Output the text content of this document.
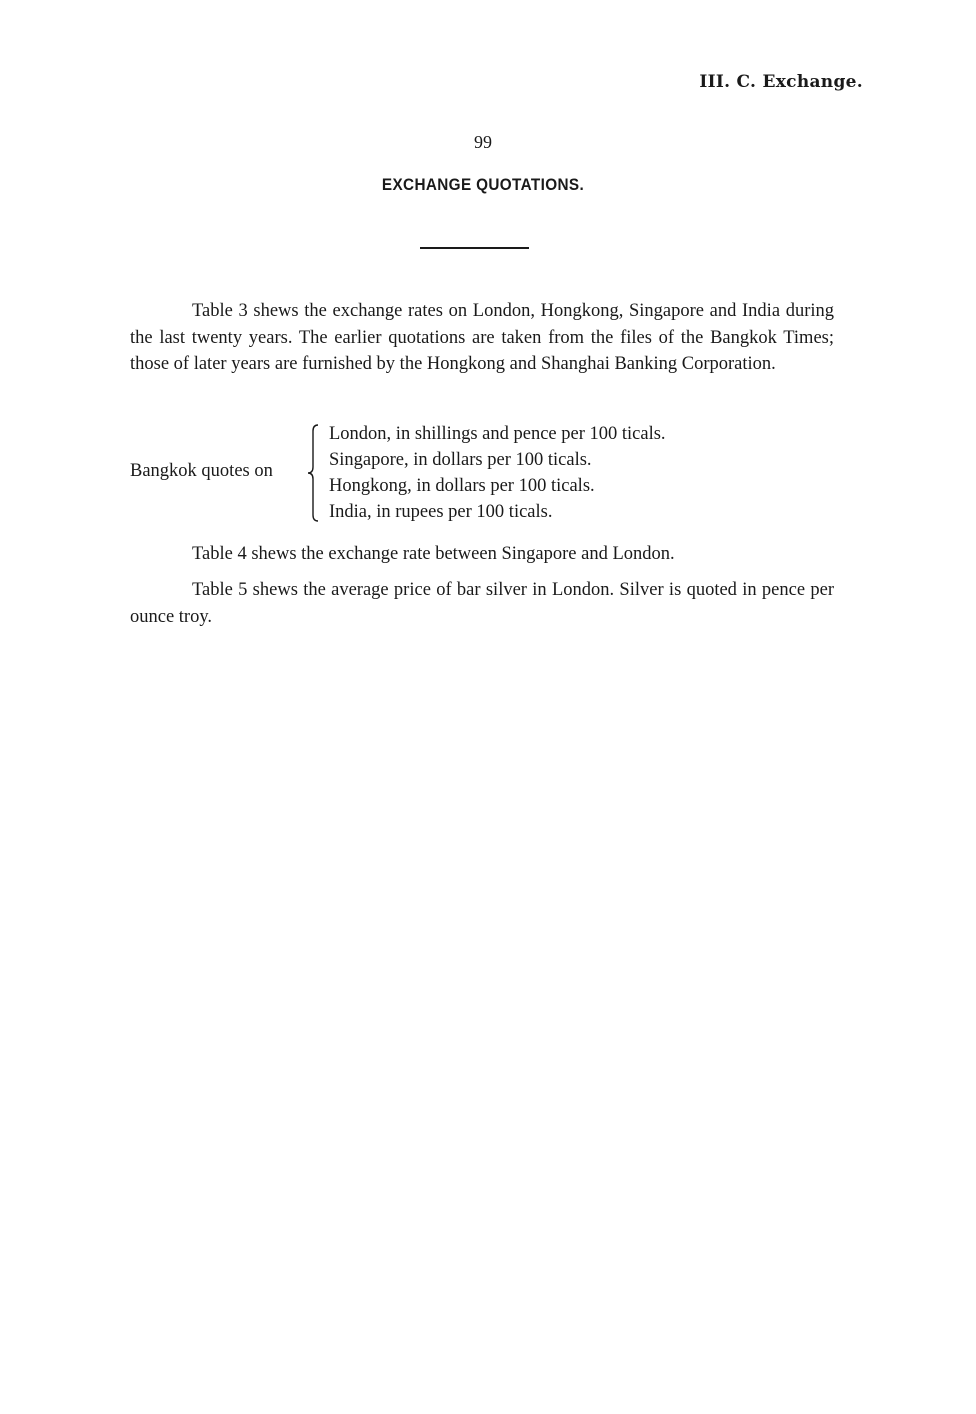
III. C. Exchange.
99
EXCHANGE QUOTATIONS.

Table 3 shews the exchange rates on London, Hongkong, Singapore and India during the last twenty years. The earlier quotations are taken from the files of the Bangkok Times; those of later years are furnished by the Hongkong and Shanghai Banking Corporation.

Bangkok quotes on
London, in shillings and pence per 100 ticals.
Singapore, in dollars per 100 ticals.
Hongkong, in dollars per 100 ticals.
India, in rupees per 100 ticals.

Table 4 shews the exchange rate between Singapore and London.

Table 5 shews the average price of bar silver in London. Silver is quoted in pence per ounce troy.
